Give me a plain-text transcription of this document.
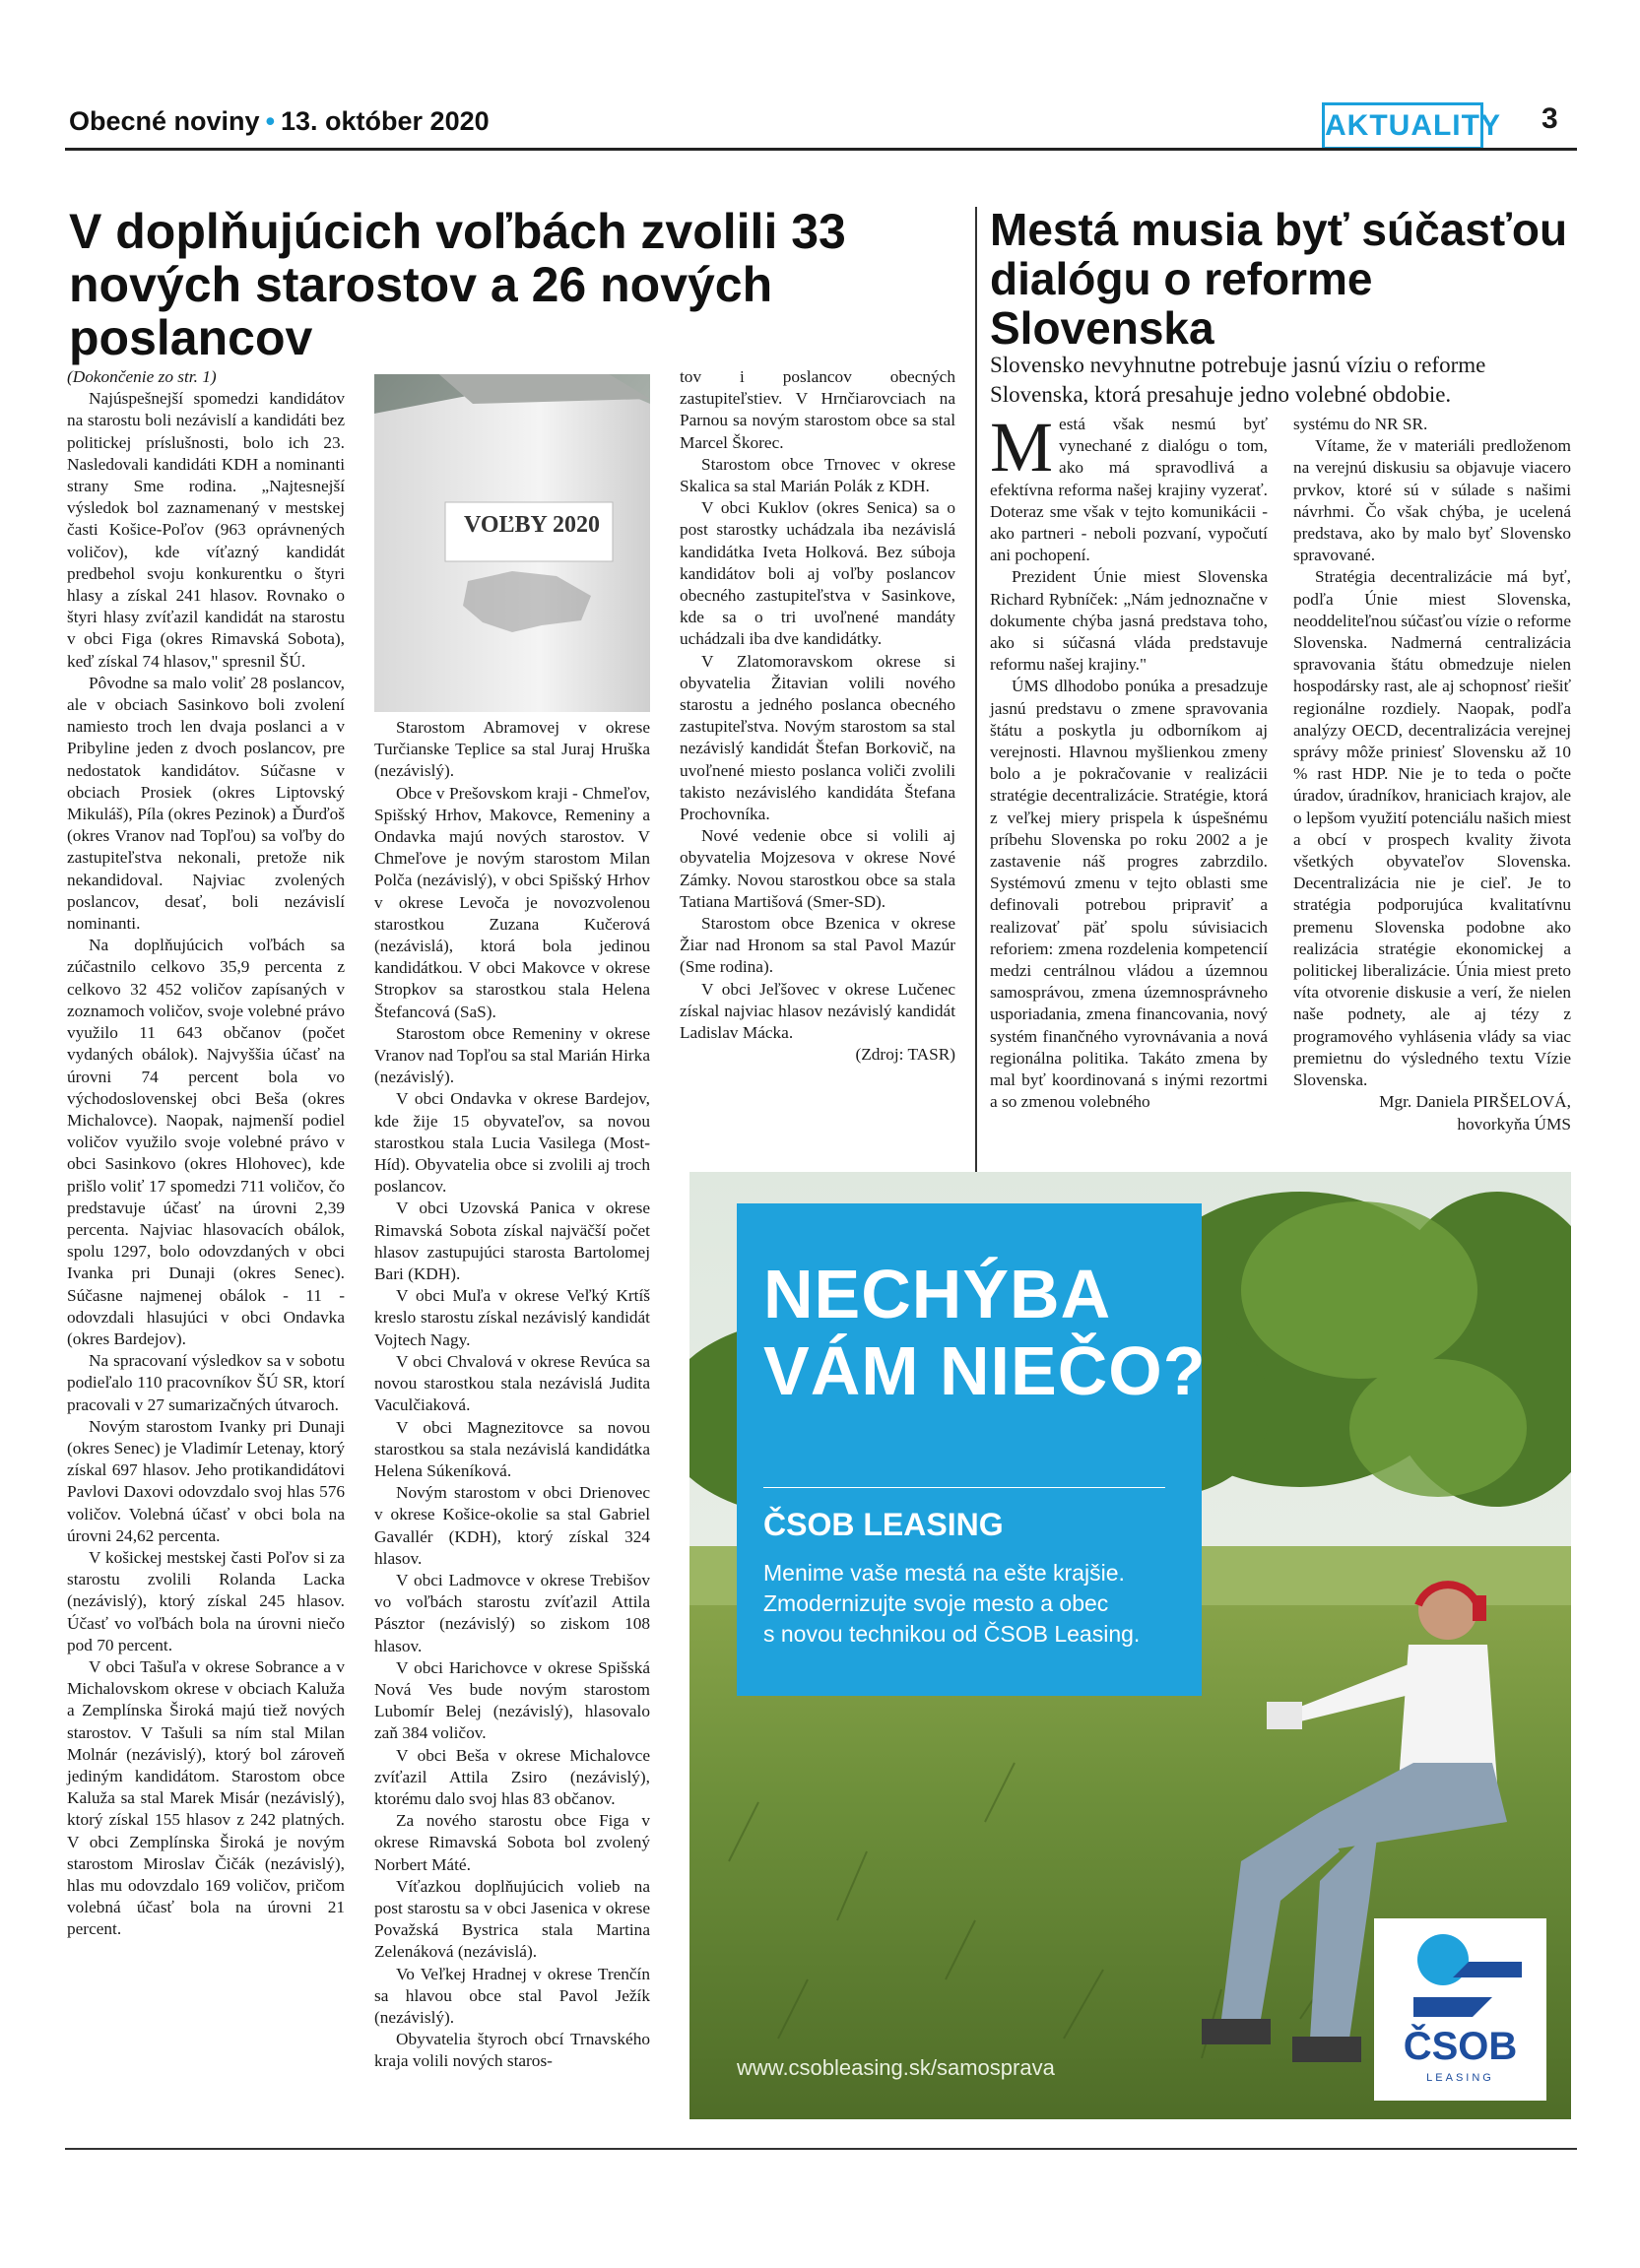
Obecné noviny • 13. október 2020	AKTUALITY 3
V doplňujúcich voľbách zvolili 33 nových starostov a 26 nových poslancov

(Dokončenie zo str. 1)

Najúspešnejší spomedzi kandidátov na starostu boli nezávislí a kandidáti bez politickej príslušnosti, bolo ich 23. Nasledovali kandidáti KDH a nominanti strany Sme rodina. „Najtesnejší výsledok bol zaznamenaný v mestskej časti Košice-Poľov (963 oprávnených voličov), kde víťazný kandidát predbehol svoju konkurentku o štyri hlasy a získal 241 hlasov. Rovnako o štyri hlasy zvíťazil kandidát na starostu v obci Figa (okres Rimavská Sobota), keď získal 74 hlasov," spresnil ŠÚ.

Pôvodne sa malo voliť 28 poslancov, ale v obciach Sasinkovo boli zvolení namiesto troch len dvaja poslanci a v Pribyline jeden z dvoch poslancov, pre nedostatok kandidátov. Súčasne v obciach Prosiek (okres Liptovský Mikuláš), Píla (okres Pezinok) a Ďurďoš (okres Vranov nad Topľou) sa voľby do zastupiteľstva nekonali, pretože nik nekandidoval. Najviac zvolených poslancov, desať, boli nezávislí nominanti.

Na doplňujúcich voľbách sa zúčastnilo celkovo 35,9 percenta z celkovo 32 452 voličov zapísaných v zoznamoch voličov, svoje volebné právo využilo 11 643 občanov (počet vydaných obálok). Najvyššia účasť na úrovni 74 percent bola vo východoslovenskej obci Beša (okres Michalovce). Naopak, najmenší podiel voličov využilo svoje volebné právo v obci Sasinkovo (okres Hlohovec), kde prišlo voliť 17 spomedzi 711 voličov, čo predstavuje účasť na úrovni 2,39 percenta. Najviac hlasovacích obálok, spolu 1297, bolo odovzdaných v obci Ivanka pri Dunaji (okres Senec). Súčasne najmenej obálok - 11 - odovzdali hlasujúci v obci Ondavka (okres Bardejov).

Na spracovaní výsledkov sa v sobotu podieľalo 110 pracovníkov ŠÚ SR, ktorí pracovali v 27 sumarizačných útvaroch.

Novým starostom Ivanky pri Dunaji (okres Senec) je Vladimír Letenay, ktorý získal 697 hlasov. Jeho protikandidátovi Pavlovi Daxovi odovzdalo svoj hlas 576 voličov. Volebná účasť v obci bola na úrovni 24,62 percenta.

V košickej mestskej časti Poľov si za starostu zvolili Rolanda Lacka (nezávislý), ktorý získal 245 hlasov. Účasť vo voľbách bola na úrovni niečo pod 70 percent.

V obci Tašuľa v okrese Sobrance a v Michalovskom okrese v obciach Kaluža a Zemplínska Široká majú tiež nových starostov. V Tašuli sa ním stal Milan Molnár (nezávislý), ktorý bol zároveň jediným kandidátom. Starostom obce Kaluža sa stal Marek Misár (nezávislý), ktorý získal 155 hlasov z 242 platných. V obci Zemplínska Široká je novým starostom Miroslav Čičák (nezávislý), hlas mu odovzdalo 169 voličov, pričom volebná účasť bola na úrovni 21 percent.

VOĽBY 2020

Starostom Abramovej v okrese Turčianske Teplice sa stal Juraj Hruška (nezávislý).

Obce v Prešovskom kraji - Chmeľov, Spišský Hrhov, Makovce, Remeniny a Ondavka majú nových starostov. V Chmeľove je novým starostom Milan Polča (nezávislý), v obci Spišský Hrhov v okrese Levoča je novozvolenou starostkou Zuzana Kučerová (nezávislá), ktorá bola jedinou kandidátkou. V obci Makovce v okrese Stropkov sa starostkou stala Helena Štefancová (SaS).

Starostom obce Remeniny v okrese Vranov nad Topľou sa stal Marián Hirka (nezávislý).

V obci Ondavka v okrese Bardejov, kde žije 15 obyvateľov, sa novou starostkou stala Lucia Vasilega (Most-Híd). Obyvatelia obce si zvolili aj troch poslancov.

V obci Uzovská Panica v okrese Rimavská Sobota získal najväčší počet hlasov zastupujúci starosta Bartolomej Bari (KDH).

V obci Muľa v okrese Veľký Krtíš kreslo starostu získal nezávislý kandidát Vojtech Nagy.

V obci Chvalová v okrese Revúca sa novou starostkou stala nezávislá Judita Vaculčiaková.

V obci Magnezitovce sa novou starostkou sa stala nezávislá kandidátka Helena Súkeníková.

Novým starostom v obci Drienovec v okrese Košice-okolie sa stal Gabriel Gavallér (KDH), ktorý získal 324 hlasov.

V obci Ladmovce v okrese Trebišov vo voľbách starostu zvíťazil Attila Pásztor (nezávislý) so ziskom 108 hlasov.

V obci Harichovce v okrese Spišská Nová Ves bude novým starostom Lubomír Belej (nezávislý), hlasovalo zaň 384 voličov.

V obci Beša v okrese Michalovce zvíťazil Attila Zsiro (nezávislý), ktorému dalo svoj hlas 83 občanov.

Za nového starostu obce Figa v okrese Rimavská Sobota bol zvolený Norbert Máté.

Víťazkou doplňujúcich volieb na post starostu sa v obci Jasenica v okrese Považská Bystrica stala Martina Zelenáková (nezávislá).

Vo Veľkej Hradnej v okrese Trenčín sa hlavou obce stal Pavol Ježík (nezávislý).

Obyvatelia štyroch obcí Trnavského kraja volili nových staros-

tov i poslancov obecných zastupiteľstiev. V Hrnčiarovciach na Parnou sa novým starostom obce sa stal Marcel Škorec.

Starostom obce Trnovec v okrese Skalica sa stal Marián Polák z KDH.

V obci Kuklov (okres Senica) sa o post starostky uchádzala iba nezávislá kandidátka Iveta Holková. Bez súboja kandidátov boli aj voľby poslancov obecného zastupiteľstva v Sasinkove, kde sa o tri uvoľnené mandáty uchádzali iba dve kandidátky.

V Zlatomoravskom okrese si obyvatelia Žitavian volili nového starostu a jedného poslanca obecného zastupiteľstva. Novým starostom sa stal nezávislý kandidát Štefan Borkovič, na uvoľnené miesto poslanca voliči zvolili takisto nezávislého kandidáta Štefana Prochovníka.

Nové vedenie obce si volili aj obyvatelia Mojzesova v okrese Nové Zámky. Novou starostkou obce sa stala Tatiana Martišová (Smer-SD).

Starostom obce Bzenica v okrese Žiar nad Hronom sa stal Pavol Mazúr (Sme rodina).

V obci Jeľšovec v okrese Lučenec získal najviac hlasov nezávislý kandidát Ladislav Mácka.

(Zdroj: TASR)

Mestá musia byť súčasťou dialógu o reforme Slovenska
Slovensko nevyhnutne potrebuje jasnú víziu o reforme Slovenska, ktorá presahuje jedno volebné obdobie.

Mestá však nesmú byť vynechané z dialógu o tom, ako má spravodlivá a efektívna reforma našej krajiny vyzerať. Doteraz sme však v tejto komunikácii - ako partneri - neboli pozvaní, vypočutí ani pochopení.

Prezident Únie miest Slovenska Richard Rybníček: „Nám jednoznačne v dokumente chýba jasná predstava toho, ako si súčasná vláda predstavuje reformu našej krajiny."

ÚMS dlhodobo ponúka a presadzuje jasnú predstavu o zmene spravovania štátu a poskytla ju odborníkom aj verejnosti. Hlavnou myšlienkou zmeny bolo a je pokračovanie v realizácii stratégie decentralizácie. Stratégie, ktorá z veľkej miery prispela k úspešnému príbehu Slovenska po roku 2002 a je zastavenie náš progres zabrzdilo. Systémovú zmenu v tejto oblasti sme definovali potrebou pripraviť a realizovať päť spolu súvisiacich reforiem: zmena rozdelenia kompetencií medzi centrálnou vládou a územnou samosprávou, zmena územnosprávneho usporiadania, zmena financovania, nový systém finančného vyrovnávania a nová regionálna politika. Takáto zmena by mal byť koordinovaná s inými rezortmi a so zmenou volebného

systému do NR SR.

Vítame, že v materiáli predloženom na verejnú diskusiu sa objavuje viacero prvkov, ktoré sú v súlade s našimi návrhmi. Čo však chýba, je ucelená predstava, ako by malo byť Slovensko spravované.

Stratégia decentralizácie má byť, podľa Únie miest Slovenska, neoddeliteľnou súčasťou vízie o reforme Slovenska. Nadmerná centralizácia spravovania štátu obmedzuje nielen hospodársky rast, ale aj schopnosť riešiť regionálne rozdiely. Naopak, podľa analýzy OECD, decentralizácia verejnej správy môže priniesť Slovensku až 10 % rast HDP. Nie je to teda o počte úradov, úradníkov, hraniciach krajov, ale o lepšom využití potenciálu našich miest a obcí v prospech kvality života všetkých obyvateľov Slovenska. Decentralizácia nie je cieľ. Je to stratégia podporujúca kvalitatívnu premenu Slovenska podobne ako realizácia stratégie ekonomickej a politickej liberalizácie. Únia miest preto víta otvorenie diskusie a verí, že nielen naše podnety, ale aj tézy z programového vyhlásenia vlády sa viac premietnu do výsledného textu Vízie Slovenska.

Mgr. Daniela PIRŠELOVÁ,

hovorkyňa ÚMS

NECHÝBA
VÁM NIEČO?
ČSOB LEASING
Menime vaše mestá na ešte krajšie.
Zmodernizujte svoje mesto a obec
s novou technikou od ČSOB Leasing.
www.csobleasing.sk/samosprava	ČSOB
LEASING
